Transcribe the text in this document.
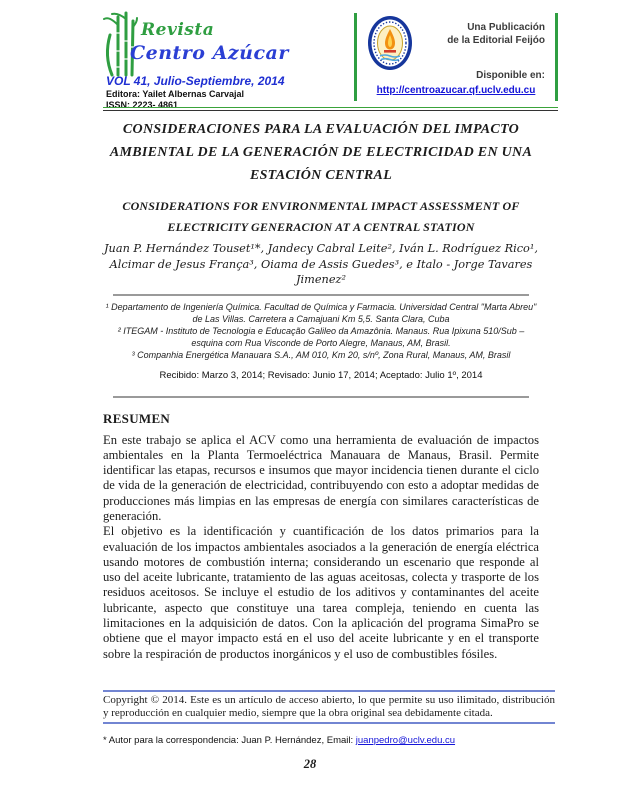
Revista
Centro Azúcar
VOL 41, Julio-Septiembre, 2014
Editora: Yailet Albernas Carvajal
ISSN: 2223- 4861
Una Publicación
de la Editorial Feijóo
Disponible en:
http://centroazucar.qf.uclv.edu.cu
CONSIDERACIONES PARA LA EVALUACIÓN DEL IMPACTO
AMBIENTAL DE LA GENERACIÓN DE ELECTRICIDAD EN UNA
ESTACIÓN CENTRAL
CONSIDERATIONS FOR ENVIRONMENTAL IMPACT ASSESSMENT OF
ELECTRICITY GENERACION AT A CENTRAL STATION
Juan P. Hernández Touset¹*, Jandecy Cabral Leite², Iván L. Rodríguez Rico¹,
Alcimar de Jesus França³, Oiama de Assis Guedes³, e Italo - Jorge Tavares Jimenez²
¹ Departamento de Ingeniería Química. Facultad de Química y Farmacia. Universidad Central "Marta Abreu" de Las Villas. Carretera a Camajuani Km 5,5. Santa Clara, Cuba
² ITEGAM - Instituto de Tecnologia e Educação Galileo da Amazônia. Manaus. Rua Ipixuna 510/Sub – esquina com Rua Visconde de Porto Alegre, Manaus, AM, Brasil.
³ Companhia Energética Manauara S.A., AM 010, Km 20, s/nº, Zona Rural, Manaus, AM, Brasil
Recibido: Marzo 3, 2014; Revisado: Junio 17, 2014; Aceptado: Julio 1º, 2014
RESUMEN
En este trabajo se aplica el ACV como una herramienta de evaluación de impactos ambientales en la Planta Termoeléctrica Manauara de Manaus, Brasil. Permite identificar las etapas, recursos e insumos que mayor incidencia tienen durante el ciclo de vida de la generación de electricidad, contribuyendo con esto a adoptar medidas de producciones más limpias en las empresas de energía con similares características de generación.
El objetivo es la identificación y cuantificación de los datos primarios para la evaluación de los impactos ambientales asociados a la generación de energía eléctrica usando motores de combustión interna; considerando un escenario que responde al uso del aceite lubricante, tratamiento de las aguas aceitosas, colecta y trasporte de los residuos aceitosos. Se incluye el estudio de los aditivos y contaminantes del aceite lubricante, aspecto que constituye una tarea compleja, teniendo en cuenta las limitaciones en la adquisición de datos. Con la aplicación del programa SimaPro se obtiene que el mayor impacto está en el uso del aceite lubricante y en el transporte sobre la respiración de productos inorgánicos y el uso de combustibles fósiles.
Copyright © 2014. Este es un artículo de acceso abierto, lo que permite su uso ilimitado, distribución y reproducción en cualquier medio, siempre que la obra original sea debidamente citada.
* Autor para la correspondencia: Juan P. Hernández, Email: juanpedro@uclv.edu.cu
28
